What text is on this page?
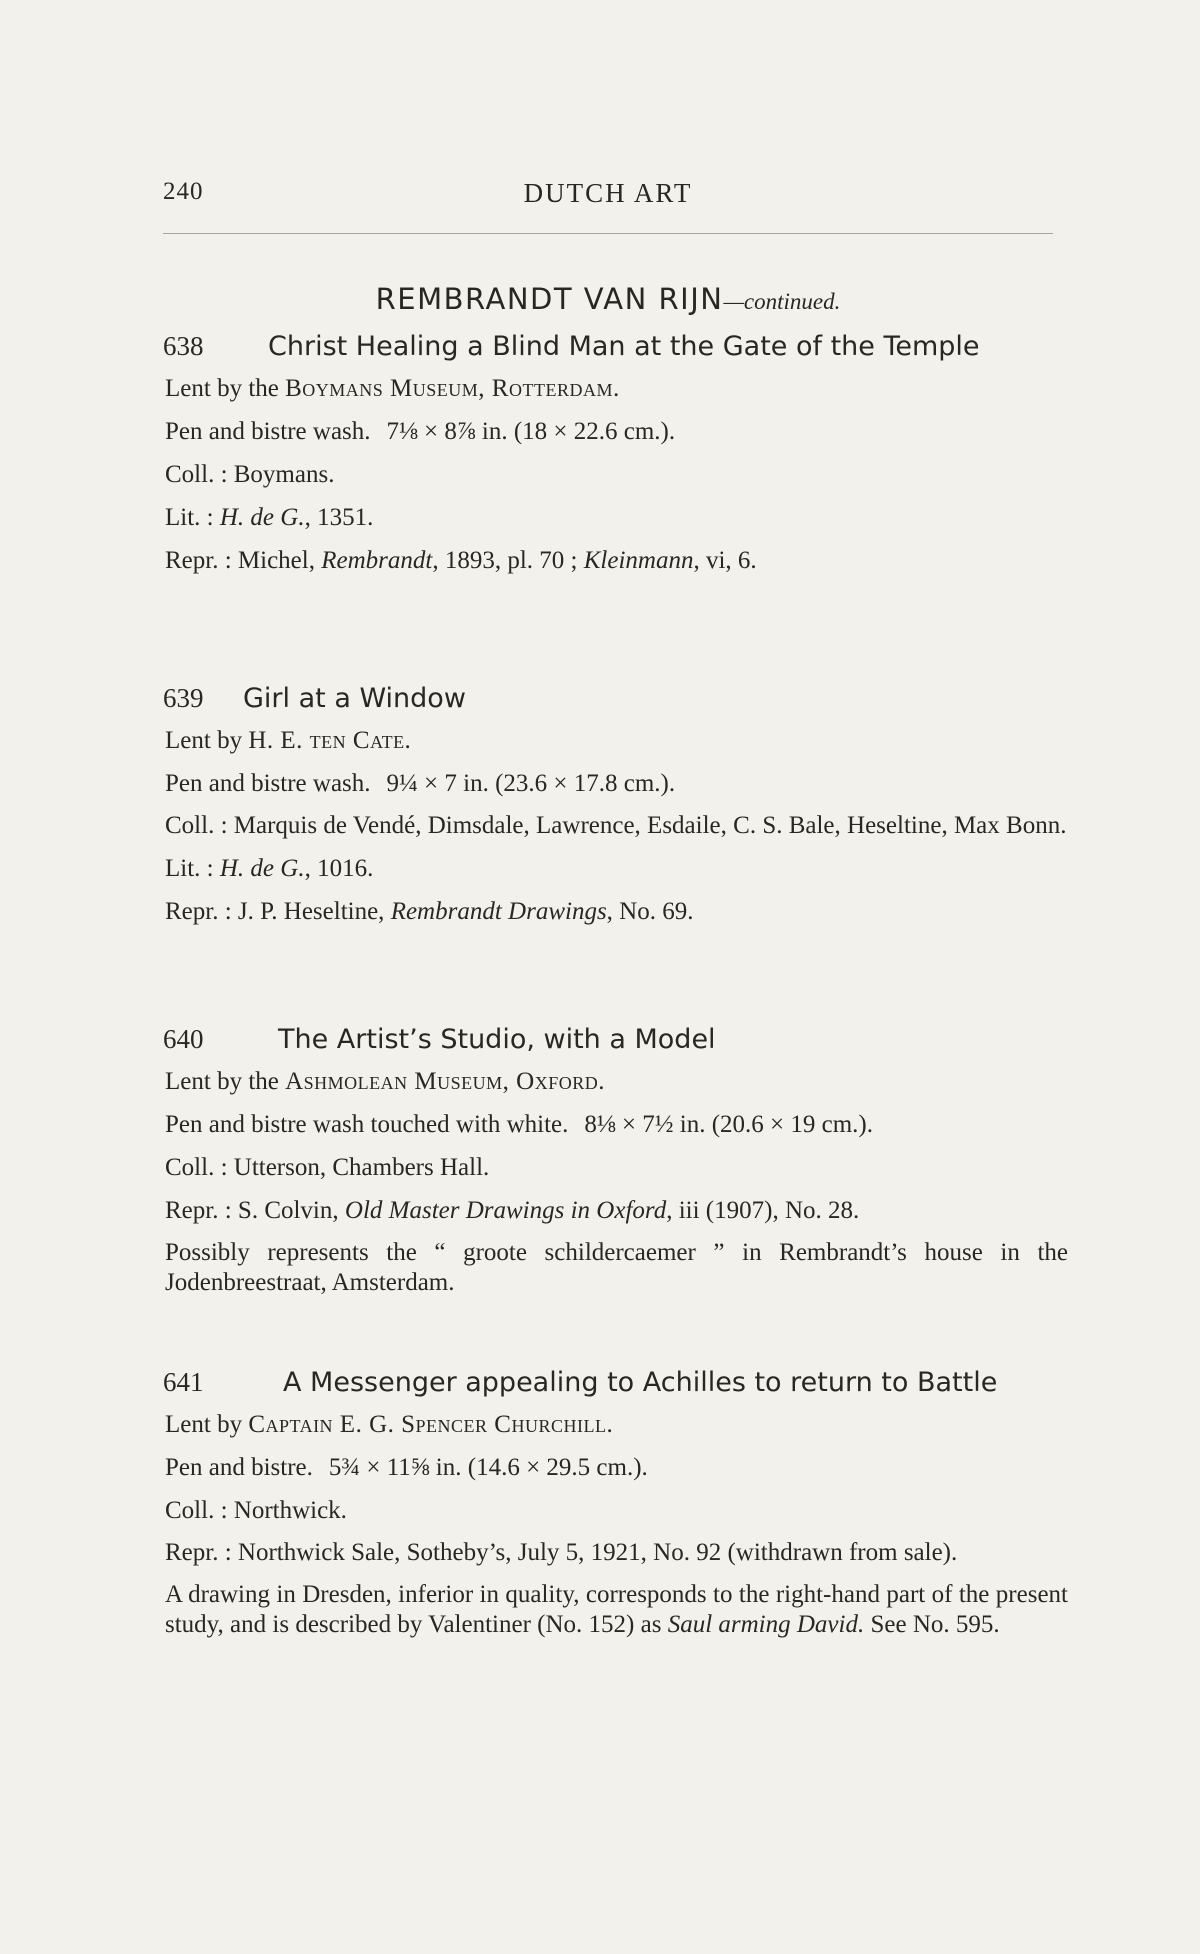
240	DUTCH ART
REMBRANDT VAN RIJN—continued.
638 Christ Healing a Blind Man at the Gate of the Temple
Lent by the Boymans Museum, Rotterdam.
Pen and bistre wash. 7⅛ × 8⅞ in. (18 × 22.6 cm.).
Coll. : Boymans.
Lit. : H. de G., 1351.
Repr. : Michel, Rembrandt, 1893, pl. 70 ; Kleinmann, vi, 6.
639 Girl at a Window
Lent by H. E. ten Cate.
Pen and bistre wash. 9¼ × 7 in. (23.6 × 17.8 cm.).
Coll. : Marquis de Vendé, Dimsdale, Lawrence, Esdaile, C. S. Bale, Heseltine, Max Bonn.
Lit. : H. de G., 1016.
Repr. : J. P. Heseltine, Rembrandt Drawings, No. 69.
640	The Artist’s Studio, with a Model
Lent by the Ashmolean Museum, Oxford.
Pen and bistre wash touched with white. 8⅛ × 7½ in. (20.6 × 19 cm.).
Coll. : Utterson, Chambers Hall.
Repr. : S. Colvin, Old Master Drawings in Oxford, iii (1907), No. 28.
Possibly represents the “ groote schildercaemer ” in Rembrandt’s house in the Jodenbreestraat, Amsterdam.
641	A Messenger appealing to Achilles to return to Battle
Lent by Captain E. G. Spencer Churchill.
Pen and bistre. 5¾ × 11⅝ in. (14.6 × 29.5 cm.).
Coll. : Northwick.
Repr. : Northwick Sale, Sotheby’s, July 5, 1921, No. 92 (withdrawn from sale).
A drawing in Dresden, inferior in quality, corresponds to the right-hand part of the present study, and is described by Valentiner (No. 152) as Saul arming David. See No. 595.
